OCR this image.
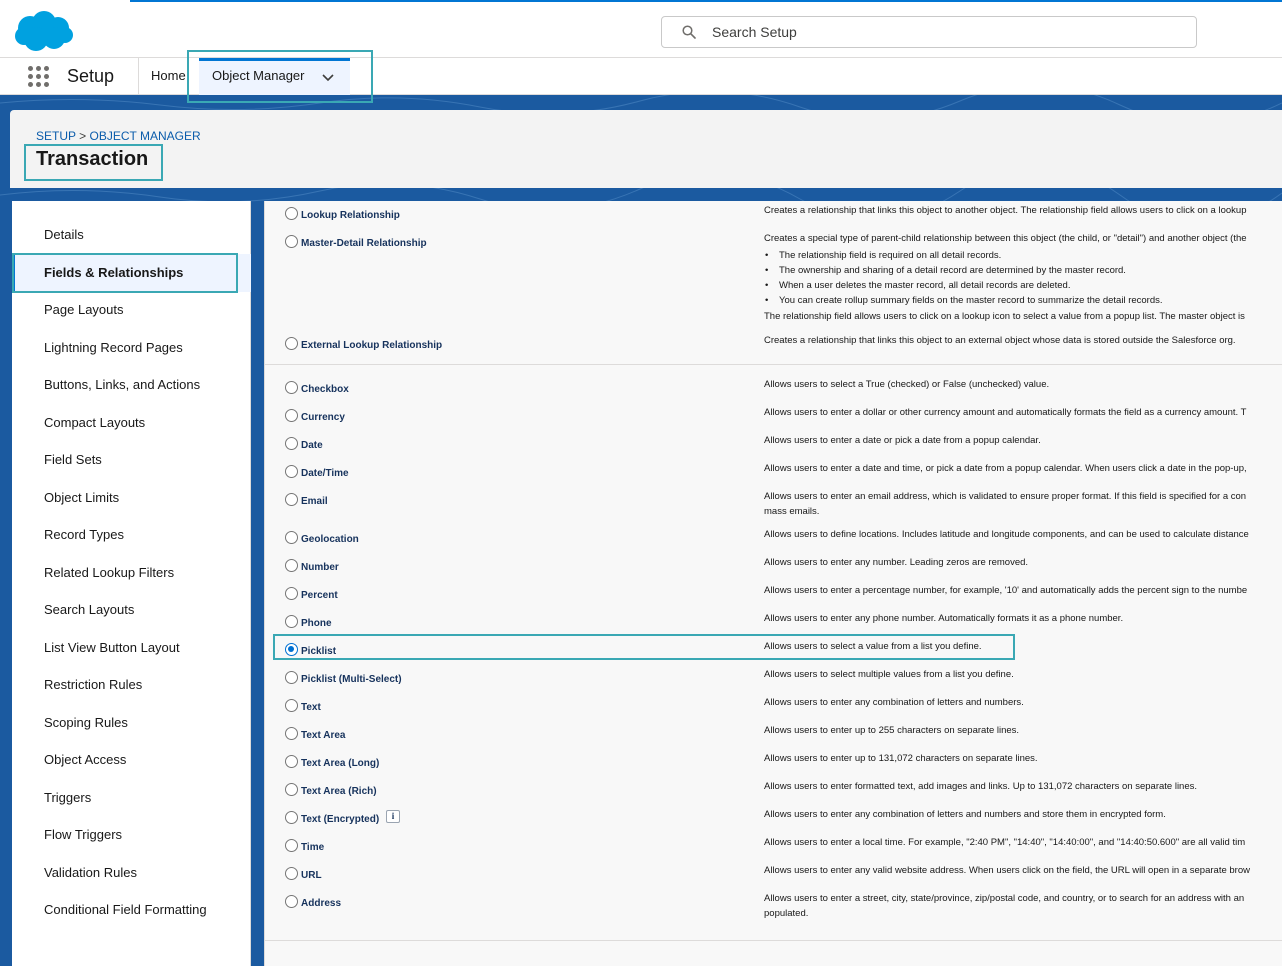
Search Setup
Setup	Home Object Manager
SETUP > OBJECT MANAGER
Transaction
Details
Fields & Relationships
Page Layouts
Lightning Record Pages
Buttons, Links, and Actions
Compact Layouts
Field Sets
Object Limits
Record Types
Related Lookup Filters
Search Layouts
List View Button Layout
Restriction Rules
Scoping Rules
Object Access
Triggers
Flow Triggers
Validation Rules
Conditional Field Formatting
Lookup Relationship	Creates a relationship that links this object to another object. The relationship field allows users to click on a lookup
Master-Detail Relationship	Creates a special type of parent-child relationship between this object (the child, or "detail") and another object (the
• The relationship field is required on all detail records.
• The ownership and sharing of a detail record are determined by the master record.
• When a user deletes the master record, all detail records are deleted.
• You can create rollup summary fields on the master record to summarize the detail records.
The relationship field allows users to click on a lookup icon to select a value from a popup list. The master object is
External Lookup Relationship	Creates a relationship that links this object to an external object whose data is stored outside the Salesforce org.
Checkbox	Allows users to select a True (checked) or False (unchecked) value.
Currency	Allows users to enter a dollar or other currency amount and automatically formats the field as a currency amount. T
Date	Allows users to enter a date or pick a date from a popup calendar.
Date/Time	Allows users to enter a date and time, or pick a date from a popup calendar. When users click a date in the pop-up,
Email	Allows users to enter an email address, which is validated to ensure proper format. If this field is specified for a con
mass emails.
Geolocation	Allows users to define locations. Includes latitude and longitude components, and can be used to calculate distance
Number	Allows users to enter any number. Leading zeros are removed.
Percent	Allows users to enter a percentage number, for example, '10' and automatically adds the percent sign to the numbe
Phone	Allows users to enter any phone number. Automatically formats it as a phone number.
Picklist	Allows users to select a value from a list you define.
Picklist (Multi-Select)	Allows users to select multiple values from a list you define.
Text	Allows users to enter any combination of letters and numbers.
Text Area	Allows users to enter up to 255 characters on separate lines.
Text Area (Long)	Allows users to enter up to 131,072 characters on separate lines.
Text Area (Rich)	Allows users to enter formatted text, add images and links. Up to 131,072 characters on separate lines.
Text (Encrypted)	i	Allows users to enter any combination of letters and numbers and store them in encrypted form.
Time	Allows users to enter a local time. For example, "2:40 PM", "14:40", "14:40:00", and "14:40:50.600" are all valid tim
URL	Allows users to enter any valid website address. When users click on the field, the URL will open in a separate brow
Address	Allows users to enter a street, city, state/province, zip/postal code, and country, or to search for an address with an
populated.
